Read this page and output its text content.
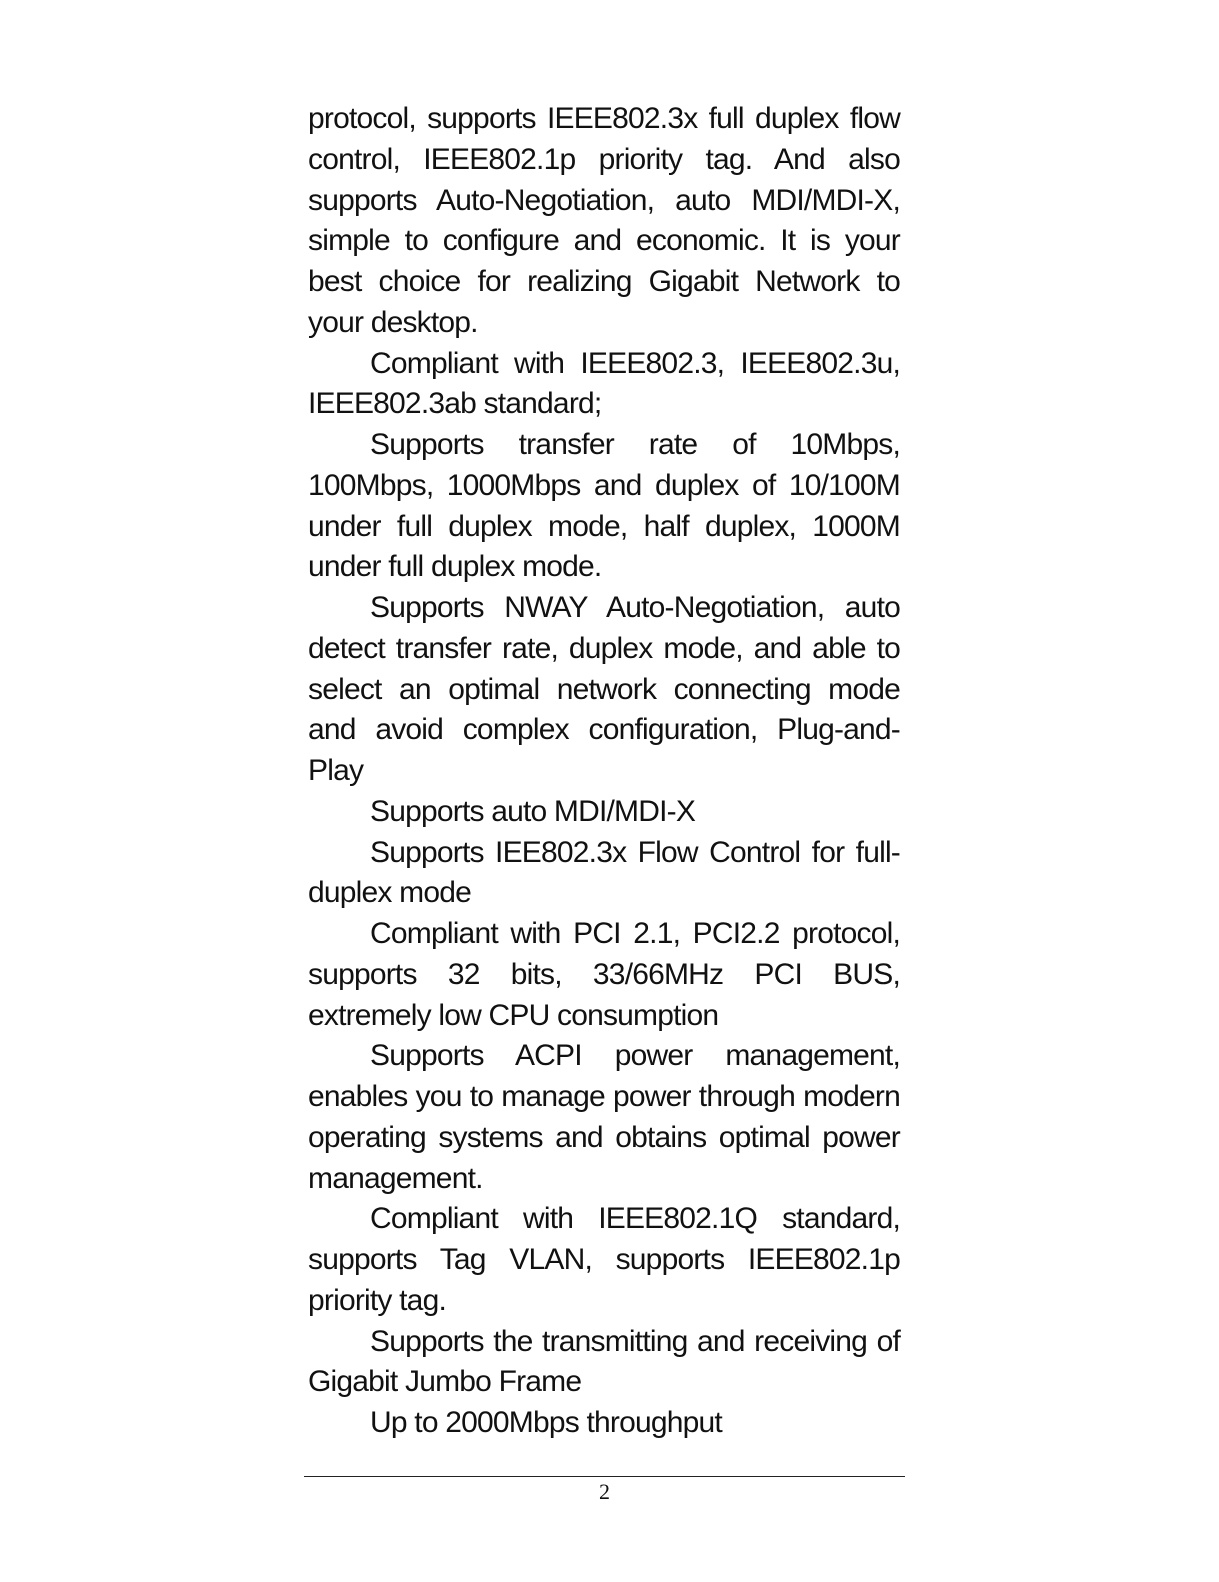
protocol, supports IEEE802.3x full duplex flow control, IEEE802.1p priority tag. And also supports Auto-Negotiation, auto MDI/MDI-X, simple to configure and economic. It is your best choice for realizing Gigabit Network to your desktop.

Compliant with IEEE802.3, IEEE802.3u, IEEE802.3ab standard;

Supports transfer rate of 10Mbps, 100Mbps, 1000Mbps and duplex of 10/100M under full duplex mode, half duplex, 1000M under full duplex mode.

Supports NWAY Auto-Negotiation, auto detect transfer rate, duplex mode, and able to select an optimal network connecting mode and avoid complex configuration, Plug-and-Play

Supports auto MDI/MDI-X

Supports IEE802.3x Flow Control for full-duplex mode

Compliant with PCI 2.1, PCI2.2 protocol, supports 32 bits, 33/66MHz PCI BUS, extremely low CPU consumption

Supports ACPI power management, enables you to manage power through modern operating systems and obtains optimal power management.

Compliant with IEEE802.1Q standard, supports Tag VLAN, supports IEEE802.1p priority tag.

Supports the transmitting and receiving of Gigabit Jumbo Frame

Up to 2000Mbps throughput

2
